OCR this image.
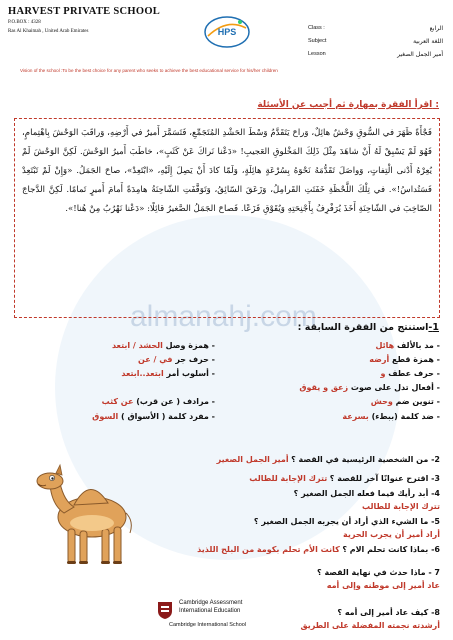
almanahj.com
HARVEST PRIVATE SCHOOL
P.O.BOX : 4328
Ras Al Khaimah , United Arab Emirates	HPS	Class :	الرابع
Subject	اللغة العربية
Lesson	أمير الجمل الصغير
Vision of the school :To be the best choice for any parent who seeks to achieve the best educational service for his/her children
اقرأ الفقرة بمهارة ثم أجيب عن الأسئلة :

فَجْأَةً ظَهَرَ في السُّوقِ وَحْشٌ هائِلٌ، وَراحَ يَتَقَدَّمُ وَسْطَ الحَشْدِ المُتَجَمِّعِ، فَتَسَمَّرَ أَميرٌ في أَرْضِهِ، وَراقَبَ الوَحْشَ بِاهْتِمامٍ، فَهُوَ لَمْ يَسْبِقْ لَهُ أَنْ شاهَدَ مِثْلَ ذَلِكَ المَخْلوقِ العَجيبِ! «دَعْنا نَراكَ عَنْ كَثَبٍ»، خاطَبَ أَميرُ الوَحْشَ. لَكِنَّ الوَحْشَ لَمْ يُعِرْهُ أَدْنى الْتِفاتٍ، وَواصَلَ تَقَدُّمَهُ نَحْوَهُ بِسُرْعَةٍ هائِلَةٍ، وَلَمّا كادَ أَنْ يَصِلَ إِلَيْهِ، «ابْتَعِدْ»، صاحَ الجَمَلُ. «وَإِنْ لَمْ تَبْتَعِدْ فَسَتُداسُ!». في تِلْكَ اللَّحْظَةِ خَفَتَتِ القَرامِلُ، وَزَعَقَ السّائِقُ، وَتَوَقَّفَتِ الشّاحِنَةُ هامِدَةً أَمامَ أَميرٍ تَمامًا. لَكِنَّ الدَّجاجَ الصّاخِبَ في الشّاحِنَةِ أَخَذَ يُرَفْرِفُ بِأَجْنِحَتِهِ وَيُقَوْقِ فَزَعًا. فَصاحَ الجَمَلُ الصَّغيرُ قائِلًا: «دَعْنا نَهْرُبُ مِنْ هُنا!».

1-استنتج من الفقرة السابقة :
- مد بالألف هائل
- همزة وصل الحشد / ابتعد
- همزة قطع أرضه
- حرف جر في / عن
- حرف عطف و
- أسلوب أمر ابتعد..ابتعد
- أفعال تدل على صوت زعق و يقوق
- تنوين ضم وحش
- مرادف ( عن قرب) عن كثب
- ضد كلمة (ببطء) بسرعة
- مفرد كلمة ( الأسواق ) السوق
2- من الشخصية الرئيسية في القصة ؟ أمير الجمل الصغير
3- اقترح عنوانًا آخر للقصة ؟ تترك الإجابة للطالب
4- أبد رأيك فيما فعله الجمل الصغير ؟
تترك الإجابة للطالب
5- ما الشيء الذي أراد أن يجربه الجمل الصغير ؟
أراد أمير أن يجرب الحرية
6- بماذا كانت تحلم الام ؟ كانت الأم تحلم بكومة من البلح اللذيذ
7 - ماذا حدث في نهاية القصة ؟
عاد أمير إلى موطنه وإلى أمه
8- كيف عاد أمير إلى أمه ؟
أرشدته نجمته المفضلة على الطريق
Cambridge Assessment
International Education
Cambridge International School
